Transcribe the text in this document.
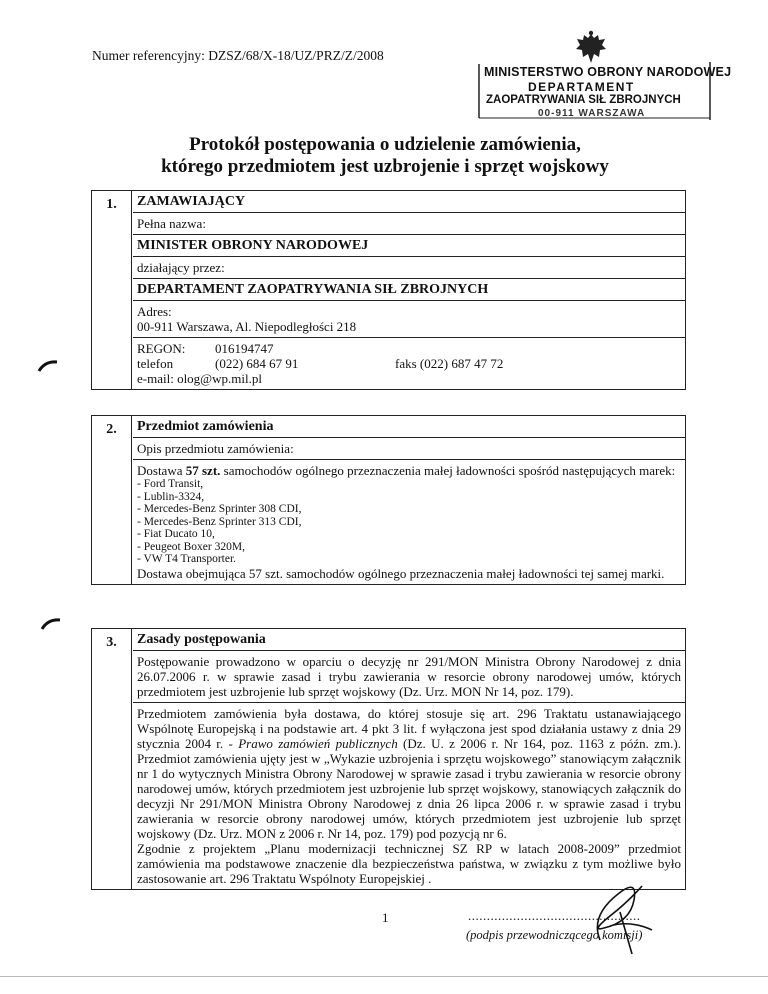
Numer referencyjny: DZSZ/68/X-18/UZ/PRZ/Z/2008
MINISTERSTWO OBRONY NARODOWEJ
DEPARTAMENT
ZAOPATRYWANIA SIŁ ZBROJNYCH
00-911 WARSZAWA
Protokół postępowania o udzielenie zamówienia,
którego przedmiotem jest uzbrojenie i sprzęt wojskowy
1.	ZAMAWIAJĄCY
Pełna nazwa:
MINISTER OBRONY NARODOWEJ
działający przez:
DEPARTAMENT ZAOPATRYWANIA SIŁ ZBROJNYCH
Adres:
00-911 Warszawa, Al. Niepodległości 218
REGON:	016194747
telefon	(022) 684 67 91	faks (022) 687 47 72
e-mail: olog@wp.mil.pl
2.	Przedmiot zamówienia
Opis przedmiotu zamówienia:
Dostawa 57 szt. samochodów ogólnego przeznaczenia małej ładowności spośród następujących marek:
- Ford Transit,
- Lublin-3324,
- Mercedes-Benz Sprinter 308 CDI,
- Mercedes-Benz Sprinter 313 CDI,
- Fiat Ducato 10,
- Peugeot Boxer 320M,
- VW T4 Transporter.
Dostawa obejmująca 57 szt. samochodów ogólnego przeznaczenia małej ładowności tej samej marki.
3.	Zasady postępowania
Postępowanie prowadzono w oparciu o decyzję nr 291/MON Ministra Obrony Narodowej z dnia 26.07.2006 r. w sprawie zasad i trybu zawierania w resorcie obrony narodowej umów, których przedmiotem jest uzbrojenie lub sprzęt wojskowy (Dz. Urz. MON Nr 14, poz. 179).
Przedmiotem zamówienia była dostawa, do której stosuje się art. 296 Traktatu ustanawiającego Wspólnotę Europejską i na podstawie art. 4 pkt 3 lit. f wyłączona jest spod działania ustawy z dnia 29 stycznia 2004 r. - Prawo zamówień publicznych (Dz. U. z 2006 r. Nr 164, poz. 1163 z późn. zm.). Przedmiot zamówienia ujęty jest w „Wykazie uzbrojenia i sprzętu wojskowego” stanowiącym załącznik nr 1 do wytycznych Ministra Obrony Narodowej w sprawie zasad i trybu zawierania w resorcie obrony narodowej umów, których przedmiotem jest uzbrojenie lub sprzęt wojskowy, stanowiących załącznik do decyzji Nr 291/MON Ministra Obrony Narodowej z dnia 26 lipca 2006 r. w sprawie zasad i trybu zawierania w resorcie obrony narodowej umów, których przedmiotem jest uzbrojenie lub sprzęt wojskowy (Dz. Urz. MON z 2006 r. Nr 14, poz. 179) pod pozycją nr 6.
Zgodnie z projektem „Planu modernizacji technicznej SZ RP w latach 2008-2009” przedmiot zamówienia ma podstawowe znaczenie dla bezpieczeństwa państwa, w związku z tym możliwe było zastosowanie art. 296 Traktatu Wspólnoty Europejskiej .
1	..............................................
(podpis przewodniczącego komisji)
